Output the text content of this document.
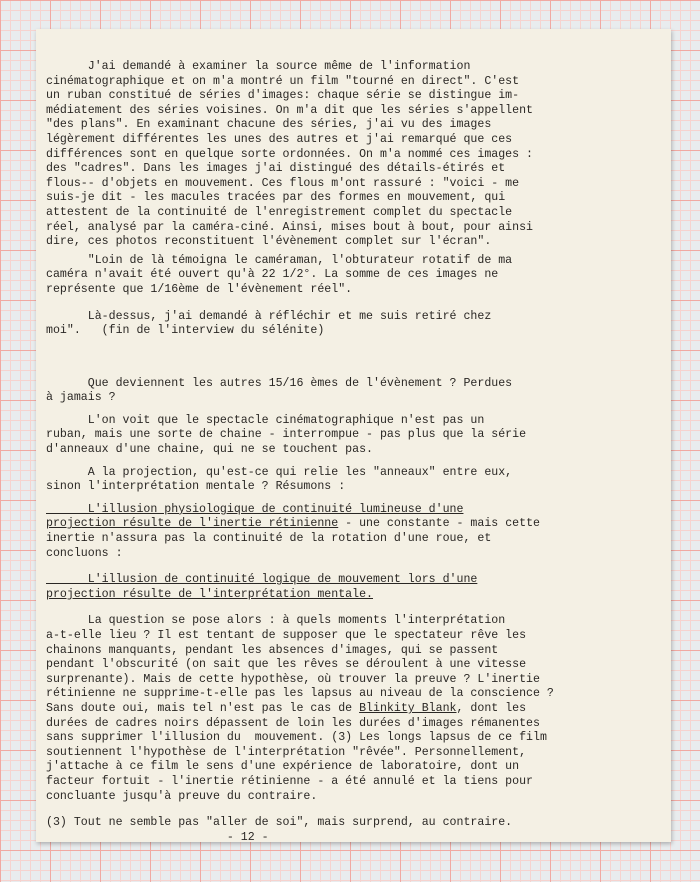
J'ai demandé à examiner la source même de l'information

cinématographique et on m'a montré un film "tourné en direct". C'est

un ruban constitué de séries d'images: chaque série se distingue im-

médiatement des séries voisines. On m'a dit que les séries s'appellent

"des plans". En examinant chacune des séries, j'ai vu des images

légèrement différentes les unes des autres et j'ai remarqué que ces

différences sont en quelque sorte ordonnées. On m'a nommé ces images :

des "cadres". Dans les images j'ai distingué des détails-étirés et

flous-- d'objets en mouvement. Ces flous m'ont rassuré : "voici - me

suis-je dit - les macules tracées par des formes en mouvement, qui

attestent de la continuité de l'enregistrement complet du spectacle

réel, analysé par la caméra-ciné. Ainsi, mises bout à bout, pour ainsi

dire, ces photos reconstituent l'évènement complet sur l'écran".

"Loin de là témoigna le caméraman, l'obturateur rotatif de ma

caméra n'avait été ouvert qu'à 22 1/2°. La somme de ces images ne

représente que 1/16ème de l'évènement réel".

Là-dessus, j'ai demandé à réfléchir et me suis retiré chez

moi".   (fin de l'interview du sélénite)

Que deviennent les autres 15/16 èmes de l'évènement ? Perdues

à jamais ?

L'on voit que le spectacle cinématographique n'est pas un

ruban, mais une sorte de chaine - interrompue - pas plus que la série

d'anneaux d'une chaine, qui ne se touchent pas.

A la projection, qu'est-ce qui relie les "anneaux" entre eux,

sinon l'interprétation mentale ? Résumons :

L'illusion physiologique de continuité lumineuse d'une

projection résulte de l'inertie rétinienne - une constante - mais cette

inertie n'assura pas la continuité de la rotation d'une roue, et

concluons :

L'illusion de continuité logique de mouvement lors d'une

projection résulte de l'interprétation mentale.

La question se pose alors : à quels moments l'interprétation

a-t-elle lieu ? Il est tentant de supposer que le spectateur rêve les

chainons manquants, pendant les absences d'images, qui se passent

pendant l'obscurité (on sait que les rêves se déroulent à une vitesse

surprenante). Mais de cette hypothèse, où trouver la preuve ? L'inertie

rétinienne ne supprime-t-elle pas les lapsus au niveau de la conscience ?

Sans doute oui, mais tel n'est pas le cas de Blinkity Blank, dont les

durées de cadres noirs dépassent de loin les durées d'images rémanentes

sans supprimer l'illusion du  mouvement. (3) Les longs lapsus de ce film

soutiennent l'hypothèse de l'interprétation "rêvée". Personnellement,

j'attache à ce film le sens d'une expérience de laboratoire, dont un

facteur fortuit - l'inertie rétinienne - a été annulé et la tiens pour

concluante jusqu'à preuve du contraire.

(3) Tout ne semble pas "aller de soi", mais surprend, au contraire.

- 12 -
